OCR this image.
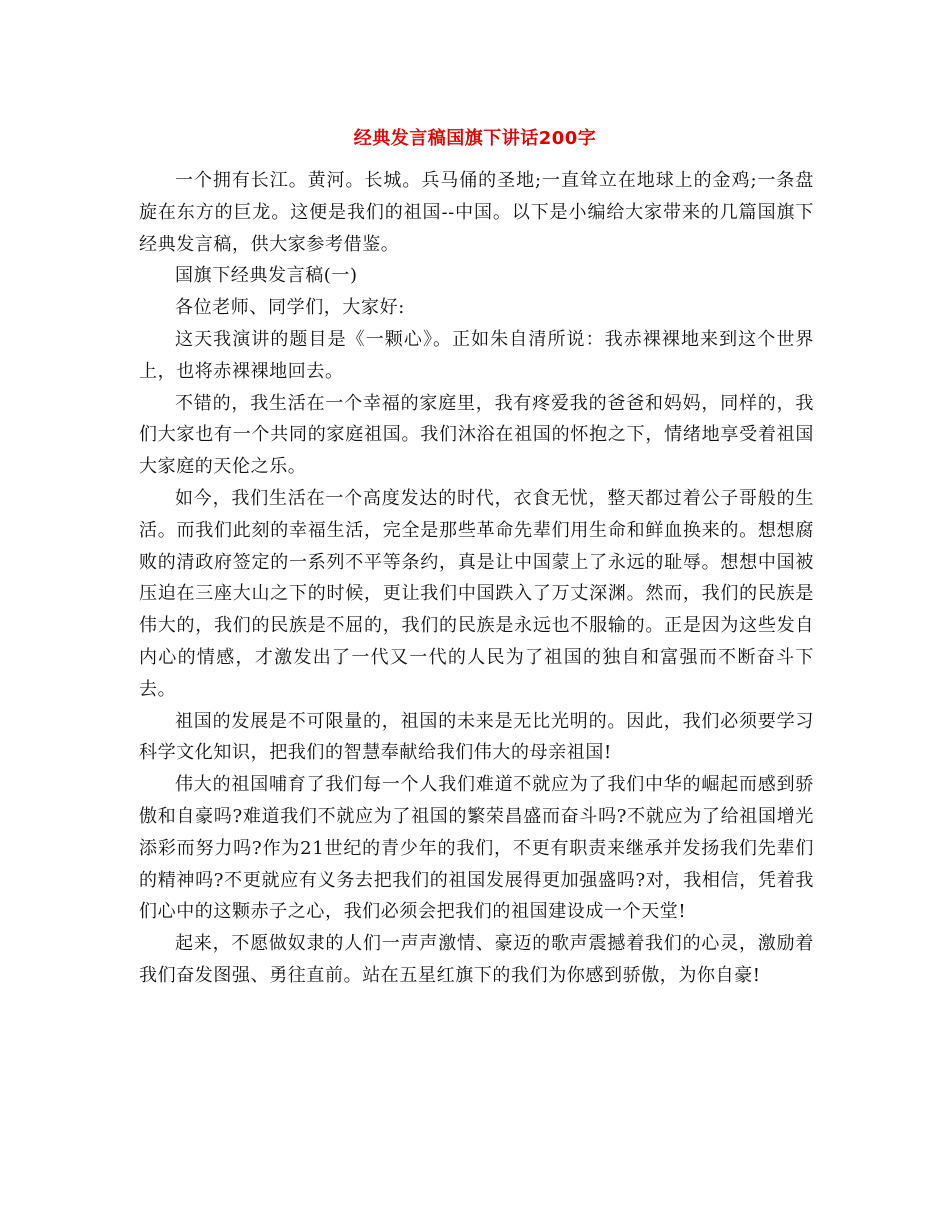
经典发言稿国旗下讲话200字

一个拥有长江。黄河。长城。兵马俑的圣地;一直耸立在地球上的金鸡;一条盘旋在东方的巨龙。这便是我们的祖国--中国。以下是小编给大家带来的几篇国旗下经典发言稿，供大家参考借鉴。

国旗下经典发言稿(一)

各位老师、同学们，大家好:

这天我演讲的题目是《一颗心》。正如朱自清所说：我赤裸裸地来到这个世界上，也将赤裸裸地回去。

不错的，我生活在一个幸福的家庭里，我有疼爱我的爸爸和妈妈，同样的，我们大家也有一个共同的家庭祖国。我们沐浴在祖国的怀抱之下，情绪地享受着祖国大家庭的天伦之乐。

如今，我们生活在一个高度发达的时代，衣食无忧，整天都过着公子哥般的生活。而我们此刻的幸福生活，完全是那些革命先辈们用生命和鲜血换来的。想想腐败的清政府签定的一系列不平等条约，真是让中国蒙上了永远的耻辱。想想中国被压迫在三座大山之下的时候，更让我们中国跌入了万丈深渊。然而，我们的民族是伟大的，我们的民族是不屈的，我们的民族是永远也不服输的。正是因为这些发自内心的情感，才激发出了一代又一代的人民为了祖国的独自和富强而不断奋斗下去。

祖国的发展是不可限量的，祖国的未来是无比光明的。因此，我们必须要学习科学文化知识，把我们的智慧奉献给我们伟大的母亲祖国!

伟大的祖国哺育了我们每一个人我们难道不就应为了我们中华的崛起而感到骄傲和自豪吗?难道我们不就应为了祖国的繁荣昌盛而奋斗吗?不就应为了给祖国增光添彩而努力吗?作为21世纪的青少年的我们，不更有职责来继承并发扬我们先辈们的精神吗?不更就应有义务去把我们的祖国发展得更加强盛吗?对，我相信，凭着我们心中的这颗赤子之心，我们必须会把我们的祖国建设成一个天堂!

起来，不愿做奴隶的人们一声声激情、豪迈的歌声震撼着我们的心灵，激励着我们奋发图强、勇往直前。站在五星红旗下的我们为你感到骄傲，为你自豪!
